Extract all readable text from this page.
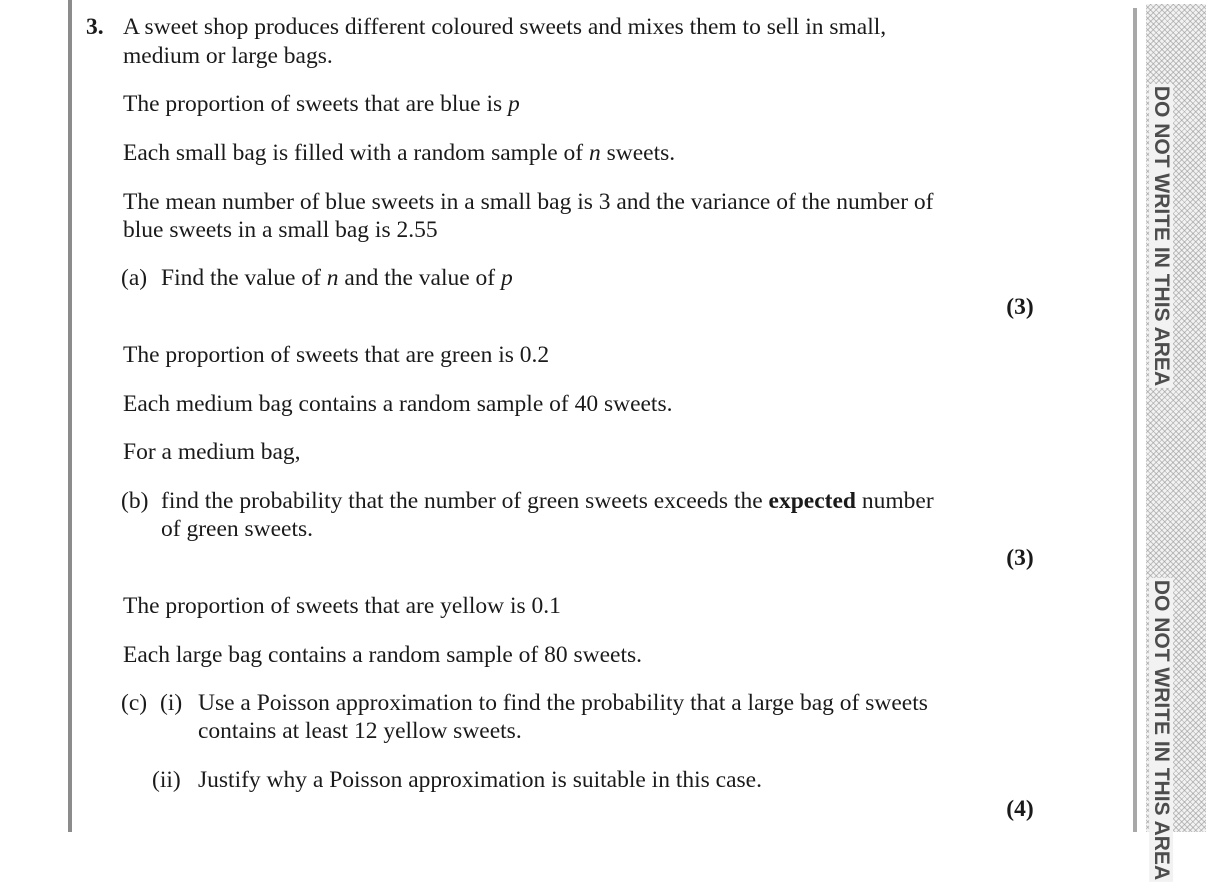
DO NOT WRITE IN THIS AREA
DO NOT WRITE IN THIS AREA
3. A sweet shop produces different coloured sweets and mixes them to sell in small,
medium or large bags.
The proportion of sweets that are blue is p
Each small bag is filled with a random sample of n sweets.
The mean number of blue sweets in a small bag is 3 and the variance of the number of
blue sweets in a small bag is 2.55
(a) Find the value of n and the value of p
(3)
The proportion of sweets that are green is 0.2
Each medium bag contains a random sample of 40 sweets.
For a medium bag,
(b) find the probability that the number of green sweets exceeds the expected number
of green sweets.
(3)
The proportion of sweets that are yellow is 0.1
Each large bag contains a random sample of 80 sweets.
(c) (i) Use a Poisson approximation to find the probability that a large bag of sweets
contains at least 12 yellow sweets.
(ii) Justify why a Poisson approximation is suitable in this case.
(4)
